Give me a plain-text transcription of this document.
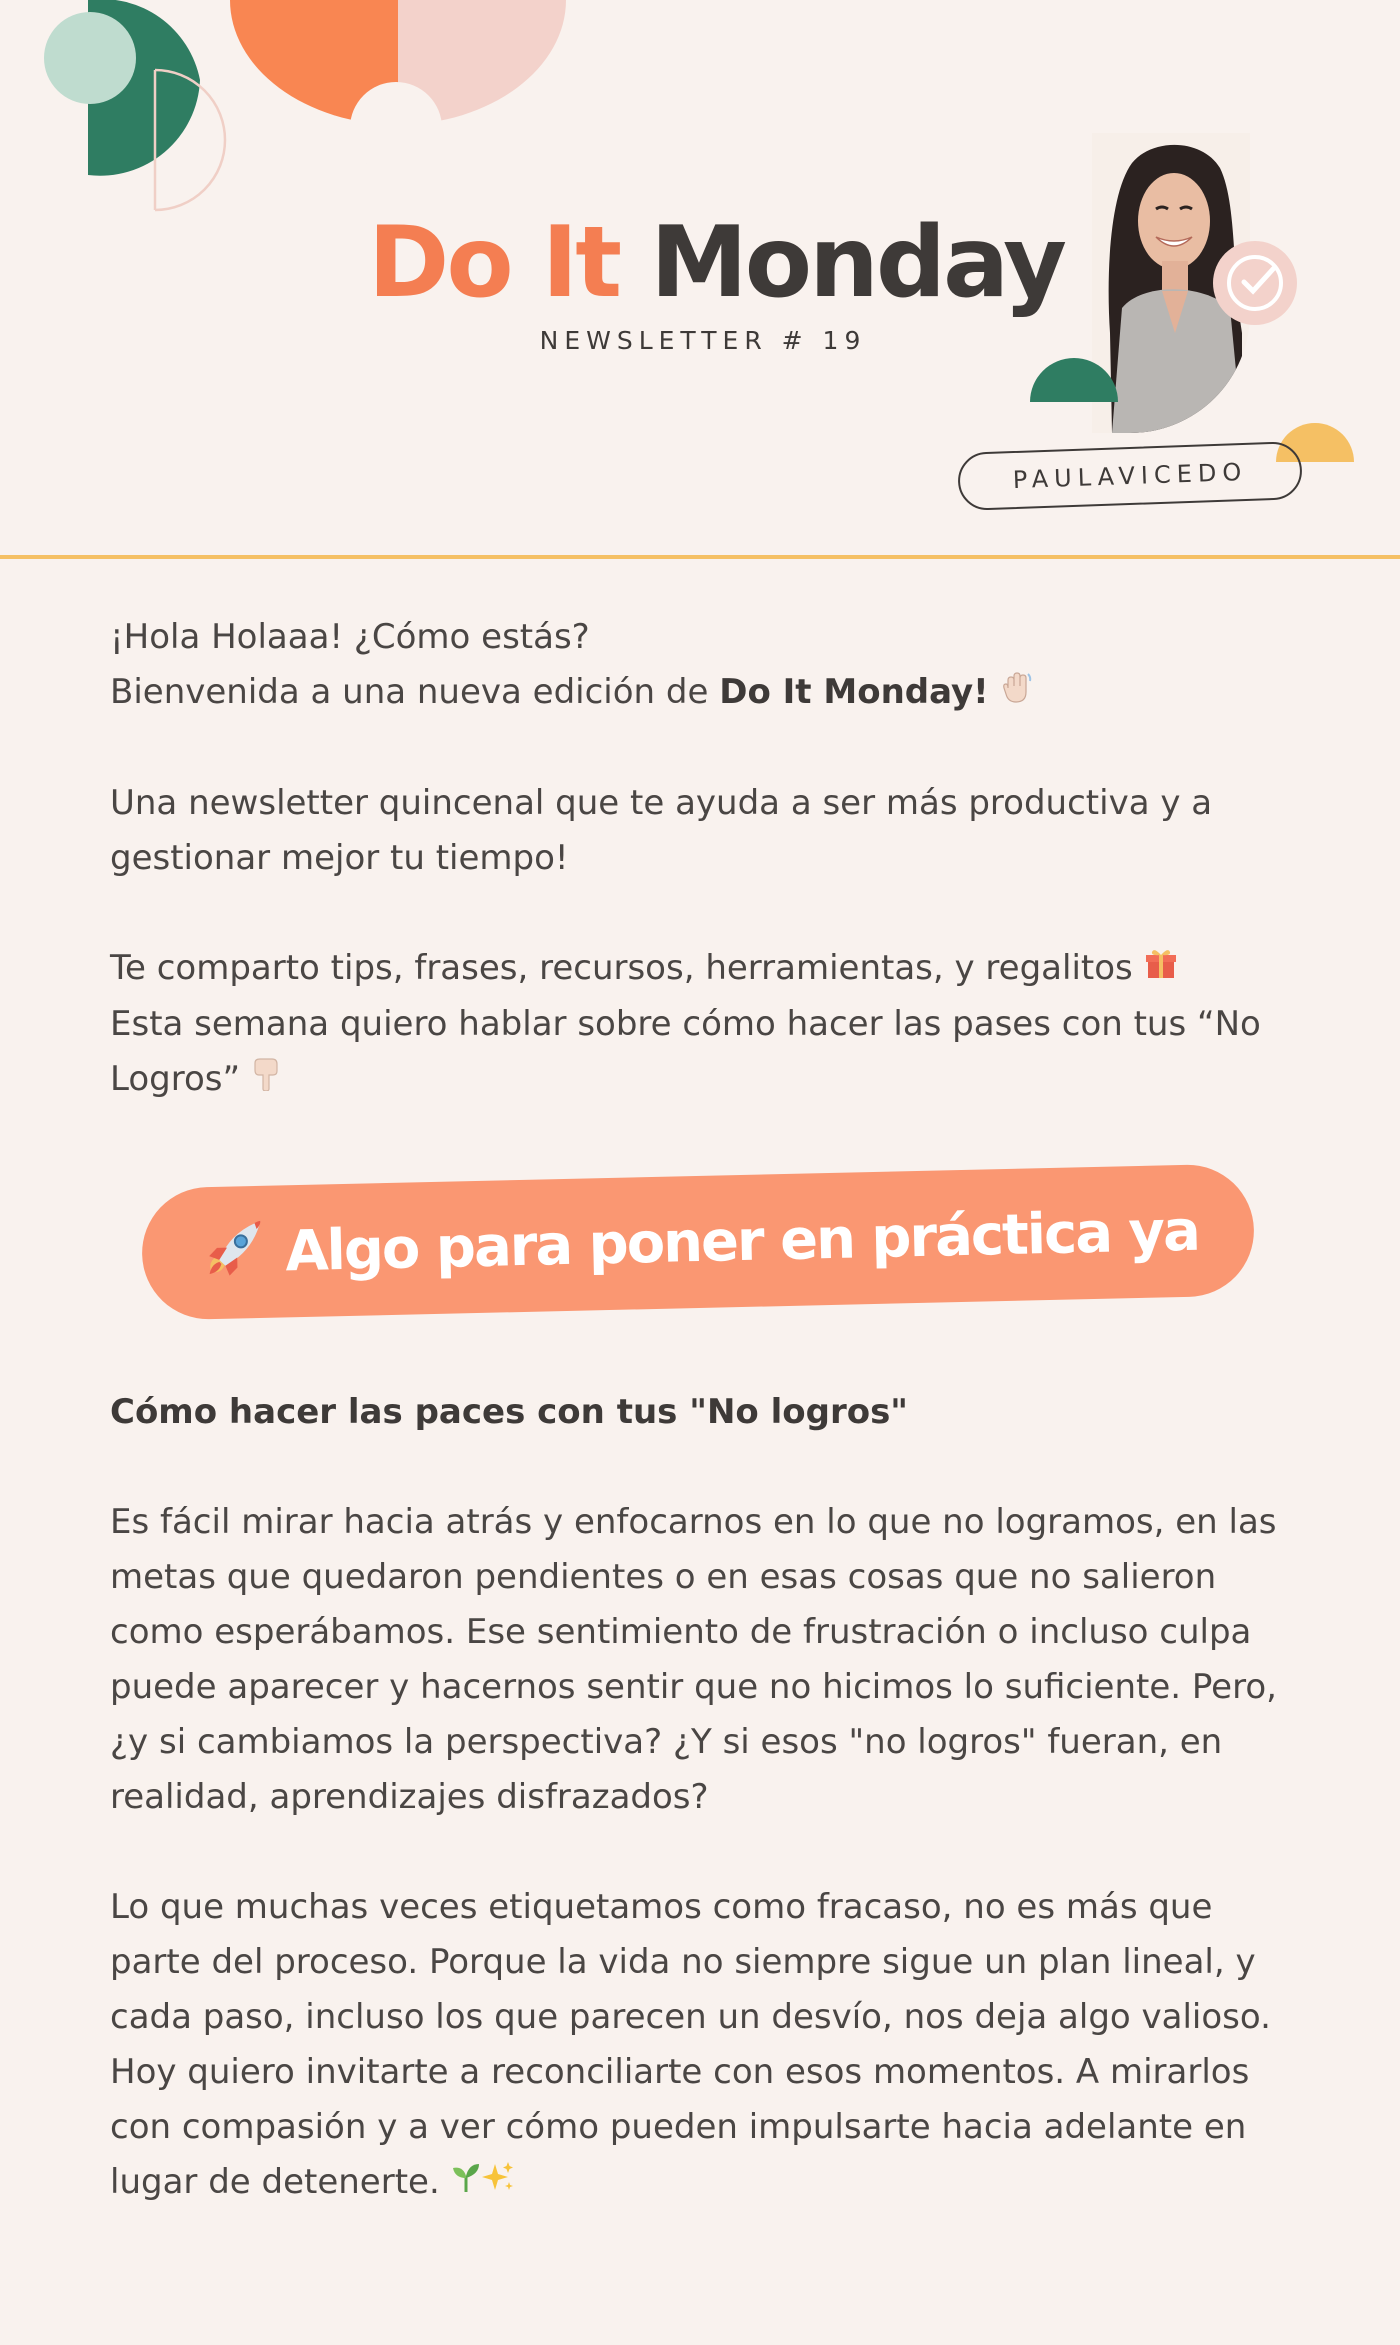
Do It Monday
NEWSLETTER # 19
PAULAVICEDO

¡Hola Holaaa! ¿Cómo estás?
Bienvenida a una nueva edición de Do It Monday!

Una newsletter quincenal que te ayuda a ser más productiva y a gestionar mejor tu tiempo!

Te comparto tips, frases, recursos, herramientas, y regalitos
Esta semana quiero hablar sobre cómo hacer las pases con tus “No Logros”

Algo para poner en práctica ya
Cómo hacer las paces con tus "No logros"

Es fácil mirar hacia atrás y enfocarnos en lo que no logramos, en las metas que quedaron pendientes o en esas cosas que no salieron como esperábamos. Ese sentimiento de frustración o incluso culpa puede aparecer y hacernos sentir que no hicimos lo suficiente. Pero, ¿y si cambiamos la perspectiva? ¿Y si esos "no logros" fueran, en realidad, aprendizajes disfrazados?

Lo que muchas veces etiquetamos como fracaso, no es más que parte del proceso. Porque la vida no siempre sigue un plan lineal, y cada paso, incluso los que parecen un desvío, nos deja algo valioso. Hoy quiero invitarte a reconciliarte con esos momentos. A mirarlos con compasión y a ver cómo pueden impulsarte hacia adelante en lugar de detenerte.
